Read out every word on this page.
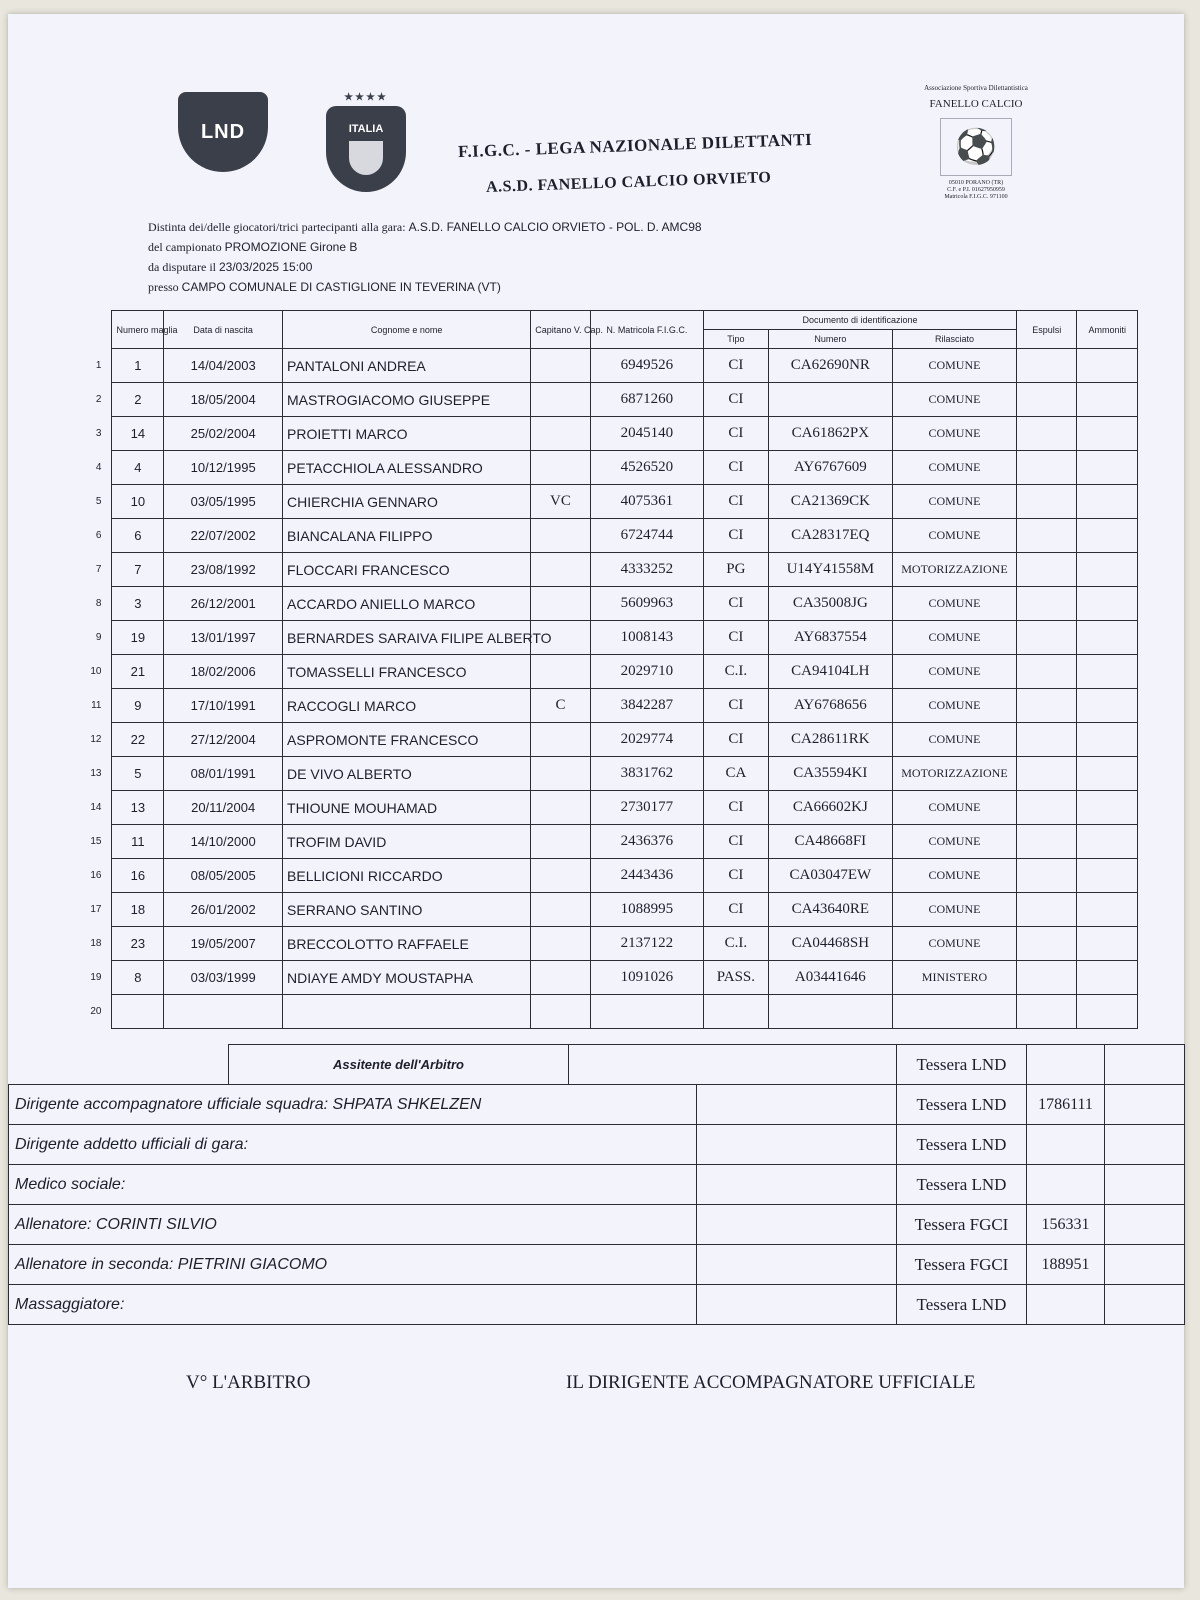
LND
★★★★
ITALIA
F.I.G.C. - LEGA NAZIONALE DILETTANTI
A.S.D. FANELLO CALCIO ORVIETO
Associazione Sportiva Dilettantistica
FANELLO CALCIO
⚽
05010 PORANO (TR)
C.F. e P.I. 01627950959
Matricola F.I.G.C. 971100
Distinta dei/delle giocatori/trici partecipanti alla gara: A.S.D. FANELLO CALCIO ORVIETO - POL. D. AMC98
del campionato PROMOZIONE Girone B
da disputare il 23/03/2025 15:00
presso CAMPO COMUNALE DI CASTIGLIONE IN TEVERINA (VT)
	Numero maglia	Data di nascita	Cognome e nome	Capitano V. Cap.	N. Matricola F.I.G.C.	Documento di identificazione			Espulsi	Ammoniti
						Tipo	Numero	Rilasciato		
1	1	14/04/2003	PANTALONI ANDREA		6949526	CI	CA62690NR	COMUNE		
2	2	18/05/2004	MASTROGIACOMO GIUSEPPE		6871260	CI		COMUNE		
3	14	25/02/2004	PROIETTI MARCO		2045140	CI	CA61862PX	COMUNE		
4	4	10/12/1995	PETACCHIOLA ALESSANDRO		4526520	CI	AY6767609	COMUNE		
5	10	03/05/1995	CHIERCHIA GENNARO	VC	4075361	CI	CA21369CK	COMUNE		
6	6	22/07/2002	BIANCALANA FILIPPO		6724744	CI	CA28317EQ	COMUNE		
7	7	23/08/1992	FLOCCARI FRANCESCO		4333252	PG	U14Y41558M	MOTORIZZAZIONE		
8	3	26/12/2001	ACCARDO ANIELLO MARCO		5609963	CI	CA35008JG	COMUNE		
9	19	13/01/1997	BERNARDES SARAIVA FILIPE ALBERTO		1008143	CI	AY6837554	COMUNE		
10	21	18/02/2006	TOMASSELLI FRANCESCO		2029710	C.I.	CA94104LH	COMUNE		
11	9	17/10/1991	RACCOGLI MARCO	C	3842287	CI	AY6768656	COMUNE		
12	22	27/12/2004	ASPROMONTE FRANCESCO		2029774	CI	CA28611RK	COMUNE		
13	5	08/01/1991	DE VIVO ALBERTO		3831762	CA	CA35594KI	MOTORIZZAZIONE		
14	13	20/11/2004	THIOUNE MOUHAMAD		2730177	CI	CA66602KJ	COMUNE		
15	11	14/10/2000	TROFIM DAVID		2436376	CI	CA48668FI	COMUNE		
16	16	08/05/2005	BELLICIONI RICCARDO		2443436	CI	CA03047EW	COMUNE		
17	18	26/01/2002	SERRANO SANTINO		1088995	CI	CA43640RE	COMUNE		
18	23	19/05/2007	BRECCOLOTTO RAFFAELE		2137122	C.I.	CA04468SH	COMUNE		
19	8	03/03/1999	NDIAYE AMDY MOUSTAPHA		1091026	PASS.	A03441646	MINISTERO		
20										
	Assitente dell'Arbitro			Tessera LND		
Dirigente accompagnatore ufficiale squadra: SHPATA SHKELZEN				Tessera LND	1786111	
Dirigente addetto ufficiali di gara:				Tessera LND		
Medico sociale:				Tessera LND		
Allenatore: CORINTI SILVIO				Tessera FGCI	156331	
Allenatore in seconda: PIETRINI GIACOMO				Tessera FGCI	188951	
Massaggiatore:				Tessera LND		
V° L'ARBITRO	IL DIRIGENTE ACCOMPAGNATORE UFFICIALE
